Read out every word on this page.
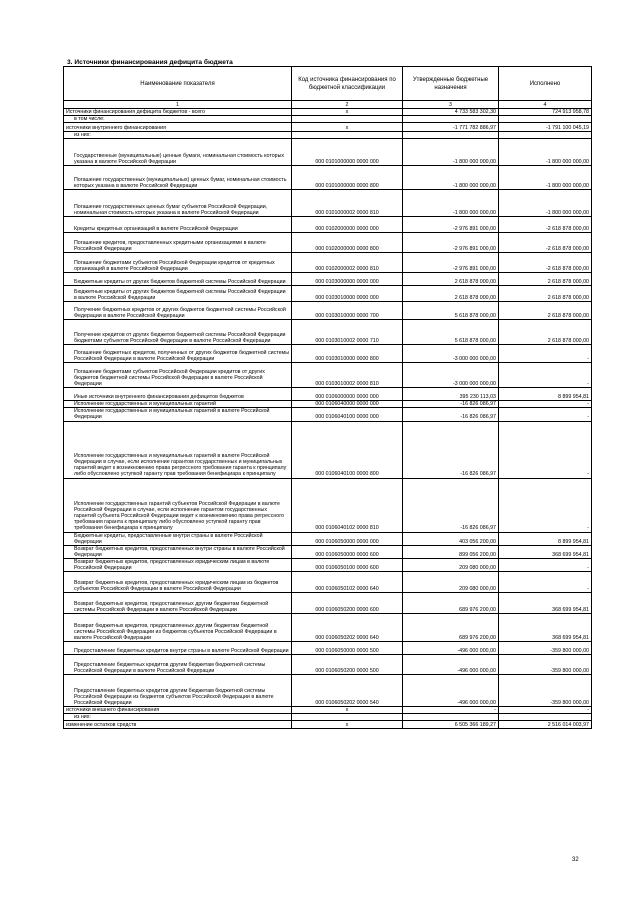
3. Источники финансирования дефицита бюджета
Наименование показателя	Код источника финансирования по бюджетной классификации	Утвержденные бюджетные назначения	Исполнено
1	2	3	4
Источники финансирования дефицита бюджетов - всего	x	4 733 583 302,30	724 913 958,78
в том числе:			
источники внутреннего финансирования	x	-1 771 782 886,97	-1 791 100 045,19
из них:			
Государственные (муниципальные) ценные бумаги, номинальная стоимость которых указана в валюте Российской Федерации	000 0101000000 0000 000	-1 800 000 000,00	-1 800 000 000,00
Погашение государственных (муниципальных) ценных бумаг, номинальная стоимость которых указана в валюте Российской Федерации	000 0101000000 0000 800	-1 800 000 000,00	-1 800 000 000,00
Погашение государственных ценных бумаг субъектов Российской Федерации, номинальная стоимость которых указана в валюте Российской Федерации	000 0101000002 0000 810	-1 800 000 000,00	-1 800 000 000,00
Кредиты кредитных организаций в валюте Российской Федерации	000 0102000000 0000 000	-2 976 891 000,00	-2 618 878 000,00
Погашение кредитов, предоставленных кредитными организациями в валюте Российской Федерации	000 0102000000 0000 800	-2 976 891 000,00	-2 618 878 000,00
Погашение бюджетами субъектов Российской Федерации кредитов от кредитных организаций в валюте Российской Федерации	000 0102000002 0000 810	-2 976 891 000,00	-2 618 878 000,00
Бюджетные кредиты от других бюджетов бюджетной системы Российской Федерации	000 0103000000 0000 000	2 618 878 000,00	2 618 878 000,00
Бюджетные кредиты от других бюджетов бюджетной системы Российской Федерации в валюте Российской Федерации	000 0103010000 0000 000	2 618 878 000,00	2 618 878 000,00
Получение бюджетных кредитов от других бюджетов бюджетной системы Российской Федерации в валюте Российской Федерации	000 0103010000 0000 700	5 618 878 000,00	2 618 878 000,00
Получение кредитов от других бюджетов бюджетной системы Российской Федерации бюджетами субъектов Российской Федерации в валюте Российской Федерации	000 0103010002 0000 710	5 618 878 000,00	2 618 878 000,00
Погашение бюджетных кредитов, полученных от других бюджетов бюджетной системы Российской Федерации в валюте Российской Федерации	000 0103010000 0000 800	-3 000 000 000,00	-
Погашение бюджетами субъектов Российской Федерации кредитов от других бюджетов бюджетной системы Российской Федерации в валюте Российской Федерации	000 0103010002 0000 810	-3 000 000 000,00	-
Иные источники внутреннего финансирования дефицитов бюджетов	000 0106000000 0000 000	395 230 113,03	8 899 954,81
Исполнение государственных и муниципальных гарантий	000 0106040000 0000 000	-16 826 086,97	-
Исполнение государственных и муниципальных гарантий в валюте Российской Федерации	000 0106040100 0000 000	-16 826 086,97	-
Исполнение государственных и муниципальных гарантий в валюте Российской Федерации в случае, если исполнение гарантом государственных и муниципальных гарантий ведет к возникновению права регрессного требования гаранта к принципалу либо обусловлено уступкой гаранту прав требования бенефициара к принципалу	000 0106040100 0000 800	-16 826 086,97	-
Исполнение государственных гарантий субъектов Российской Федерации в валюте Российской Федерации в случае, если исполнение гарантом государственных гарантий субъекта Российской Федерации ведет к возникновению права регрессного требования гаранта к принципалу либо обусловлено уступкой гаранту прав требования бенефициара к принципалу	000 0106040102 0000 810	-16 826 086,97	-
Бюджетные кредиты, предоставленные внутри страны в валюте Российской Федерации	000 0106050000 0000 000	403 056 200,00	8 899 954,81
Возврат бюджетных кредитов, предоставленных внутри страны в валюте Российской Федерации	000 0106050000 0000 600	899 056 200,00	368 699 954,81
Возврат бюджетных кредитов, предоставленных юридическим лицам в валюте Российской Федерации	000 0106050100 0000 600	209 080 000,00	-
Возврат бюджетных кредитов, предоставленных юридическим лицам из бюджетов субъектов Российской Федерации в валюте Российской Федерации	000 0106050102 0000 640	209 080 000,00	-
Возврат бюджетных кредитов, предоставленных другим бюджетам бюджетной системы Российской Федерации в валюте Российской Федерации	000 0106050200 0000 600	689 976 200,00	368 699 954,81
Возврат бюджетных кредитов, предоставленных другим бюджетам бюджетной системы Российской Федерации из бюджетов субъектов Российской Федерации в валюте Российской Федерации	000 0106050202 0000 640	689 976 200,00	368 699 954,81
Предоставление бюджетных кредитов внутри страны в валюте Российской Федерации	000 0106050000 0000 500	-496 000 000,00	-359 800 000,00
Предоставление бюджетных кредитов другим бюджетам бюджетной системы Российской Федерации в валюте Российской Федерации	000 0106050200 0000 500	-496 000 000,00	-359 800 000,00
Предоставление бюджетных кредитов другим бюджетам бюджетной системы Российской Федерации из бюджетов субъектов Российской Федерации в валюте Российской Федерации	000 0106050202 0000 540	-496 000 000,00	-359 800 000,00
источники внешнего финансирования	x	-	-
из них:			
изменение остатков средств	x	6 505 366 189,27	2 516 014 003,97
32
